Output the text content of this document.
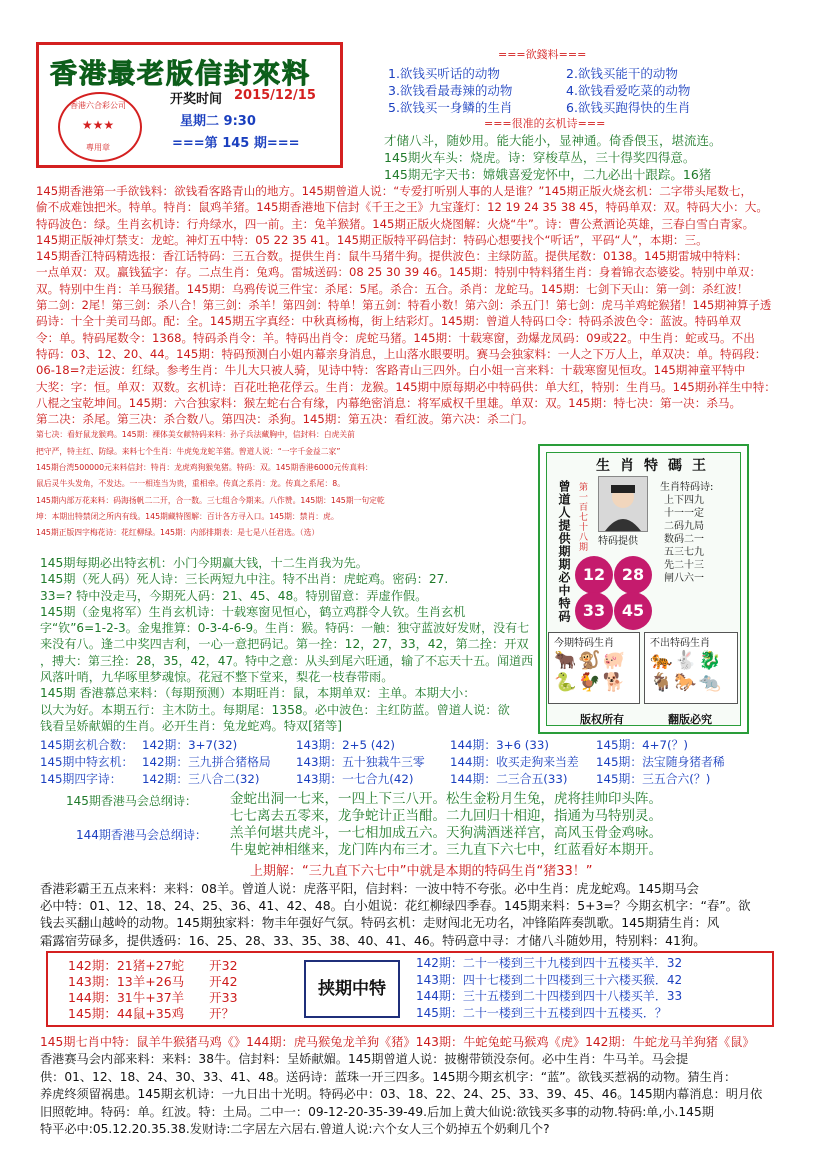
香港最老版信封來料
香港六合彩公司
★★★
專用章
开奖时间 2015/12/15
星期二 9:30
===第 145 期===
===欲錢料===
1.欲钱买听话的动物	2.欲钱买能干的动物
3.欲钱看最毒辣的动物	4.欲钱看爱吃菜的动物
5.欲钱买一身鳞的生肖	6.欲钱买跑得快的生肖
===很准的玄机诗===
才储八斗，随妙用。能大能小，显神通。倚香偎玉，堪流连。
145期火车头：烧虎。诗：穿梭草丛，三十得奖四得意。
145期无字天书：嫦娥喜爱宠怀中，二九必出十跟踪。16猪
145期香港第一手欲钱料：欲钱看客路青山的地方。145期曾道人说：“专爱打听别人事的人是谁？”145期正版火烧玄机：二字带头尾数七，
偷不成难蚀把米。特单。特肖：鼠鸡羊猪。145期香港地下信封《千王之王》九宝蓬灯：12 19 24 35 38 45，特码单双：双。特码大小：大。
特码波色：绿。生肖玄机诗：行舟绿水，四一前。主：兔羊猴猪。145期正版火烧图解：火烧“牛”。诗：曹公煮酒论英雄，三春白雪白青家。
145期正版神灯禁支：龙蛇。神灯五中特：05 22 35 41。145期正版特平码信封：特码心想要找个“听话”，平码“人”，本期：三。
145期香江特码精选报：香江话特码：三五合数。提供生肖：鼠牛马猪牛狗。提供波色：主绿防蓝。提供尾数：0138。145期雷城中特料：
一点单双：双。赢钱猛字：存。二点生肖：兔鸡。雷城送码：08 25 30 39 46。145期：特别中特料猪生肖：身着锦衣态婆娑。特别中单双：
双。特别中生肖：羊马猴猪。145期：乌鸦传说三件宝：杀尾：5尾。杀合：五合。杀肖：龙蛇马。145期：七剑下天山：第一剑：杀红波！
第二剑：2尾！第三剑：杀八合！第三剑：杀羊！第四剑：特单！第五剑：特看小数！第六剑：杀五门！第七剑：虎马羊鸡蛇猴猪！145期神算子透
码诗：十全十美司马郎。配：全。145期五字真经：中秋真杨梅，街上结彩灯。145期：曾道人特码口令：特码杀波色令：蓝波。特码单双
令：单。特码尾数令：1368。特码杀肖令：羊。特码出肖令：虎蛇马猪。145期：十载寒窗，劲爆龙凤码：09或22。中生肖：蛇或马。不出
特码：03、12、20、44。145期：特码预测白小姐内幕亲身消息，上山落水眼要明。赛马会独家料：一人之下万人上，单双决：单。特码段：
06-18=?走运波：红绿。参考生肖：牛儿大只被人骑，见诗中特：客路青山三四外。白小姐一言来料：十载寒窗见恒攻。145期神童平特中
大奖：字：恒。单双：双数。玄机诗：百花吐艳花俘云。生肖：龙猴。145期中原每期必中特码供：单大红，特别：生肖马。145期孙祥生中特：
八棍之宝乾坤间。145期：六合独家料：猴左蛇右合有缘，内幕绝密消息：将军威权千里雄。单双：双。145期：特七决：第一决：杀马。
第二决：杀尾。第三决：杀合数八。第四决：杀狗。145期：第五决：看红波。第六决：杀二门。
第七决：看好鼠龙猴鸡。145期：裸体美女献特码来料：孙子兵法藏胸中，信封料：白虎关前
把守严，特主红、防绿。来料七个生肖：牛虎兔龙蛇羊猪。曾道人说：“一字千金益二家”
145期台湾500000元来料信封：特肖：龙虎鸡狗猴兔猪。特码：双。145期香港6000元传真料：
鼠后灵牛头发角，不发达。一一相连当为贵，重相牵。传真之系肖：龙。传真之系尾：8。
145期内部万花来料：码海扬帆二二开，合一数。三七组合今期来。八作赞。145期：145期一句定乾
坤：本期出特禁闭之所内有线。145期藏特图解：百计各方寻入口。145期：禁肖：虎。
145期正版四字梅花诗：花红柳绿。145期：内部排期表：是七是八任君选。（选）
145期每期必出特玄机：小门今期赢大钱，十二生肖我为先。
145期（死人码）死人诗：三长两短九中注。特不出肖：虎蛇鸡。密码：27.
33=? 特中没走马，今期死人码：21、45、48。特别留意：弄虚作假。
145期（金鬼将军）生肖玄机诗：十载寒窗见恒心，鹤立鸡群令人钦。生肖玄机
字“钦”6=1-2-3。金鬼推算：0-3-4-6-9。生肖：猴。特码：一触：独守蓝波好发财，没有七
来没有八。逢二中奖四吉利，一心一意把码记。第一拴：12，27，33，42，第二拴：开双
，搏大：第三拴：28，35，42，47。特中之意：从头到尾六旺通，输了不忘天十五。闻道西
风落叶哨，九华啄里梦魂惊。花冠不整下堂来，梨花一枝春带雨。
145期 香港慕总来料：（每期预测）本期旺肖：鼠，本期单双：主单。本期大小：
以大为好。本期五行：主木防土。每期尾：1358。必中波色：主红防蓝。曾道人说：欲
钱看呈娇献媚的生肖。必开生肖：兔龙蛇鸡。特双[猪等]
生肖特碼王
曾道人提供期期必中特码 第一百七十八期 特码提供
生肖特码诗:
上下四九
十一一定
二码九局
数码二一
五三七九
先二十三
闸八六一
12	28
33	45
今期特码生肖
🐂🐒🐖
🐍🐓🐕
不出特码生肖
🐅🐇🐉
🐐🐎🐀
版权所有	翻版必究
145期玄机合数： 142期：3+7(32)	143期：2+5 (42)	144期：3+6 (33)	145期：4+7(？)
145期中特玄机： 142期：三九拼合猪格局 143期：五十独栽牛三零 144期：收买走狗来当差 145期：法宝随身猪者稀
145期四字诗： 142期：三八合二(32)	143期：一七合九(42)	144期：二三合五(33) 145期：三五合六(？)
145期香港马会总纲诗： 金蛇出洞一七来，一四上下三八开。松生金粉月生兔，虎将挂帅印头阵。
七七离去五零来，龙争蛇计正当酣。二九回归十相迎，指通为马特别灵。
144期香港马会总纲诗： 羔羊何堪共虎斗，一七相加成五六。天狗满酒迷祥宫，高风玉骨金鸡咏。
牛鬼蛇神相继来，龙门阵内布三才。三九直下六七中，红蓝看好本期开。
上期解：“三九直下六七中”中就是本期的特码生肖“猪33！”
香港彩霸王五点来料：来料：08羊。曾道人说：虎落平阳，信封料：一波中特不夸张。必中生肖：虎龙蛇鸡。145期马会
必中特：01、12、18、24、25、36、41、42、48。白小姐说：花红柳绿四季春。145期来料：5+3=？今期玄机字：“春”。欲
钱去买翻山越岭的动物。145期独家料：物丰年强好气氛。特码玄机：走财闯北无功名，冲锋陷阵奏凯歌。145期猜生肖：风
霜露宿劳碌多，提供透码：16、25、28、33、35、38、40、41、46。特码意中寻：才储八斗随妙用，特别料：41狗。
142期：21猪+27蛇　　开32
143期：13羊+26马　　开42
144期：31牛+37羊　　开33
145期：44鼠+35鸡　　开？
挟期中特
142期：二十一楼到三十九楼到四十五楼买羊．32
143期：四十七楼到二十四楼到三十六楼买猴．42
144期：三十五楼到二十四楼到四十八楼买羊．33
145期：二十一楼到三十五楼到四十五楼买．？
145期七肖中特：鼠羊牛猴猪马鸡《》144期：虎马猴兔龙羊狗《猪》143期：牛蛇兔蛇马猴鸡《虎》142期：牛蛇龙马羊狗猪《鼠》
香港赛马会内部来料：来料：38牛。信封料：呈娇献媚。145期曾道人说：披榭带锁没奈何。必中生肖：牛马羊。马会提
供：01、12、18、24、30、33、41、48。送码诗：蓝珠一开三四多。145期今期玄机字：“蓝”。欲钱买惹祸的动物。猜生肖：
养虎终须留祸患。145期玄机诗：一九日出十光明。特码必中：03、18、22、24、25、33、39、45、46。145期内幕消息：明月依
旧照乾坤。特码：单。红波。特：土局。二中一：09-12-20-35-39-49.后加上黄大仙说:欲钱买多事的动物.特码:单,小.145期
特平必中:05.12.20.35.38.发财诗:二字居左六居右.曾道人说:六个女人三个奶掉五个奶剩几个?
